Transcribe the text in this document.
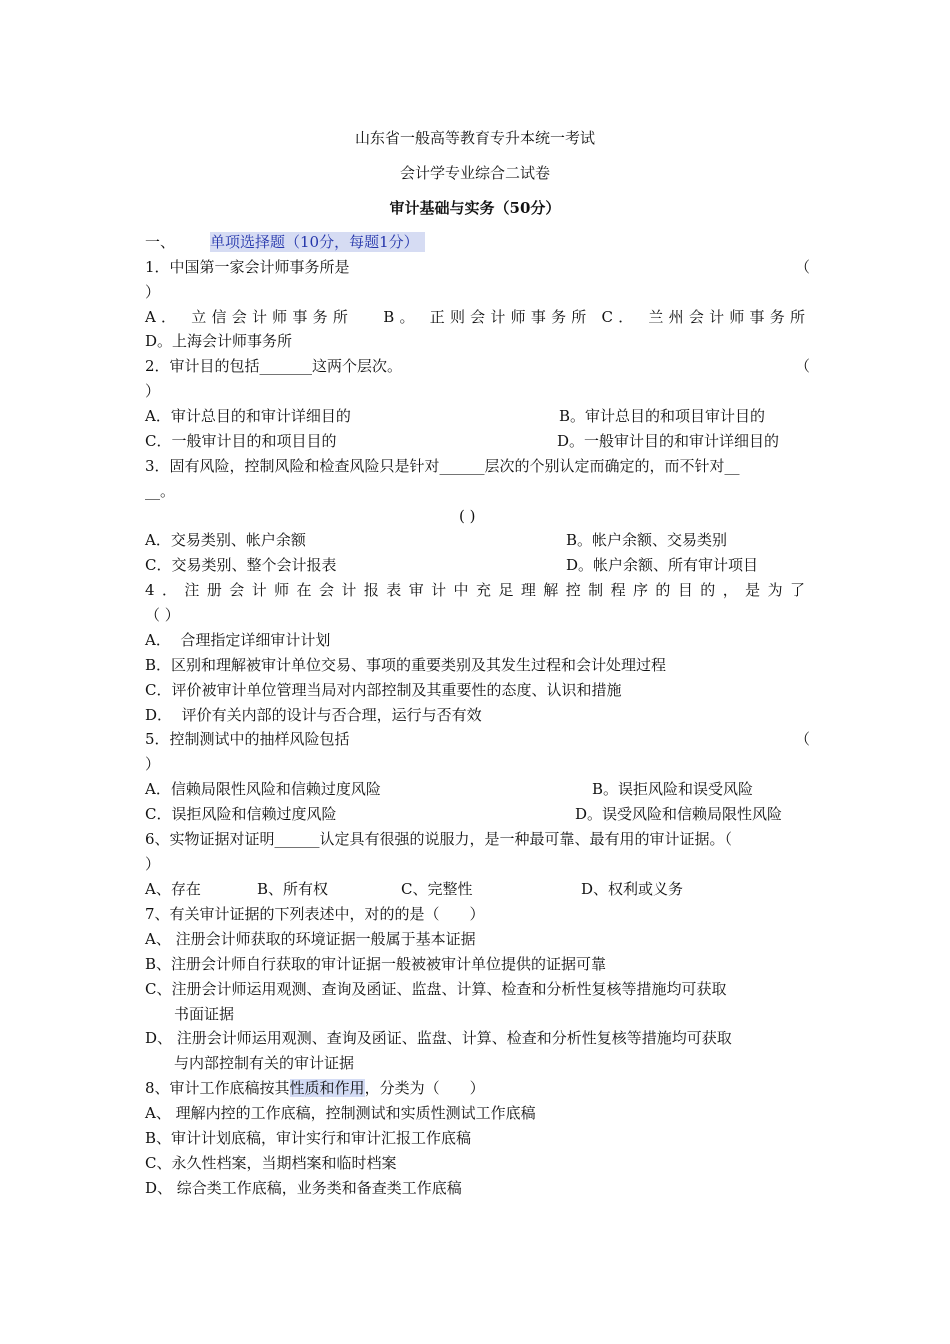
山东省一般高等教育专升本统一考试
会计学专业综合二试卷
审计基础与实务（50分）
一、 单项选择题（10分，每题1分）
1．中国第一家会计师事务所是	（
）
A． 立信会计师事务所　 B。 正则会计师事务所 C． 兰州会计师事务所
D。上海会计师事务所
2．审计目的包括_______这两个层次。	（
）
A．审计总目的和审计详细目的	B。审计总目的和项目审计目的
C．一般审计目的和项目目的	D。一般审计目的和审计详细目的
3．固有风险，控制风险和检查风险只是针对______层次的个别认定而确定的，而不针对__
__。
( )
A．交易类别、帐户余额	B。帐户余额、交易类别
C．交易类别、整个会计报表	D。帐户余额、所有审计项目
4．注册会计师在会计报表审计中充足理解控制程序的目的，是为了
（ ）
A．  合理指定详细审计计划
B．区别和理解被审计单位交易、事项的重要类别及其发生过程和会计处理过程
C．评价被审计单位管理当局对内部控制及其重要性的态度、认识和措施
D．  评价有关内部的设计与否合理，运行与否有效
5．控制测试中的抽样风险包括	（
）
A．信赖局限性风险和信赖过度风险	B。误拒风险和误受风险
C．误拒风险和信赖过度风险	D。误受风险和信赖局限性风险
6、实物证据对证明______认定具有很强的说服力，是一种最可靠、最有用的审计证据。（
）
A、存在	B、所有权	C、完整性	D、权利或义务
7、有关审计证据的下列表述中，对的的是（　　）
A、 注册会计师获取的环境证据一般属于基本证据
B、注册会计师自行获取的审计证据一般被被审计单位提供的证据可靠
C、注册会计师运用观测、查询及函证、监盘、计算、检查和分析性复核等措施均可获取
书面证据
D、 注册会计师运用观测、查询及函证、监盘、计算、检查和分析性复核等措施均可获取
与内部控制有关的审计证据
8、审计工作底稿按其性质和作用，分类为（　　）
A、 理解内控的工作底稿，控制测试和实质性测试工作底稿
B、审计计划底稿，审计实行和审计汇报工作底稿
C、永久性档案，当期档案和临时档案
D、 综合类工作底稿，业务类和备查类工作底稿
